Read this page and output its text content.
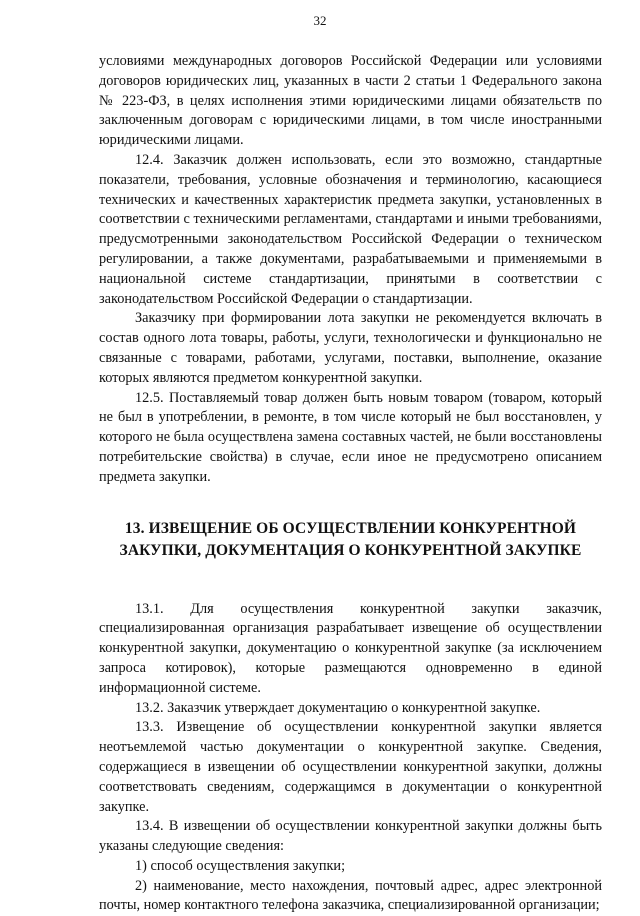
32

условиями международных договоров Российской Федерации или условиями договоров юридических лиц, указанных в части 2 статьи 1 Федерального закона № 223-ФЗ, в целях исполнения этими юридическими лицами обязательств по заключенным договорам с юридическими лицами, в том числе иностранными юридическими лицами.

12.4. Заказчик должен использовать, если это возможно, стандартные показатели, требования, условные обозначения и терминологию, касающиеся технических и качественных характеристик предмета закупки, установленных в соответствии с техническими регламентами, стандартами и иными требованиями, предусмотренными законодательством Российской Федерации о техническом регулировании, а также документами, разрабатываемыми и применяемыми в национальной системе стандартизации, принятыми в соответствии с законодательством Российской Федерации о стандартизации.

Заказчику при формировании лота закупки не рекомендуется включать в состав одного лота товары, работы, услуги, технологически и функционально не связанные с товарами, работами, услугами, поставки, выполнение, оказание которых являются предметом конкурентной закупки.

12.5. Поставляемый товар должен быть новым товаром (товаром, который не был в употреблении, в ремонте, в том числе который не был восстановлен, у которого не была осуществлена замена составных частей, не были восстановлены потребительские свойства) в случае, если иное не предусмотрено описанием предмета закупки.

13. ИЗВЕЩЕНИЕ ОБ ОСУЩЕСТВЛЕНИИ КОНКУРЕНТНОЙ
ЗАКУПКИ, ДОКУМЕНТАЦИЯ О КОНКУРЕНТНОЙ ЗАКУПКЕ

13.1. Для осуществления конкурентной закупки заказчик, специализированная организация разрабатывает извещение об осуществлении конкурентной закупки, документацию о конкурентной закупке (за исключением запроса котировок), которые размещаются одновременно в единой информационной системе.

13.2. Заказчик утверждает документацию о конкурентной закупке.

13.3. Извещение об осуществлении конкурентной закупки является неотъемлемой частью документации о конкурентной закупке. Сведения, содержащиеся в извещении об осуществлении конкурентной закупки, должны соответствовать сведениям, содержащимся в документации о конкурентной закупке.

13.4. В извещении об осуществлении конкурентной закупки должны быть указаны следующие сведения:

1) способ осуществления закупки;

2) наименование, место нахождения, почтовый адрес, адрес электронной почты, номер контактного телефона заказчика, специализированной организации;
